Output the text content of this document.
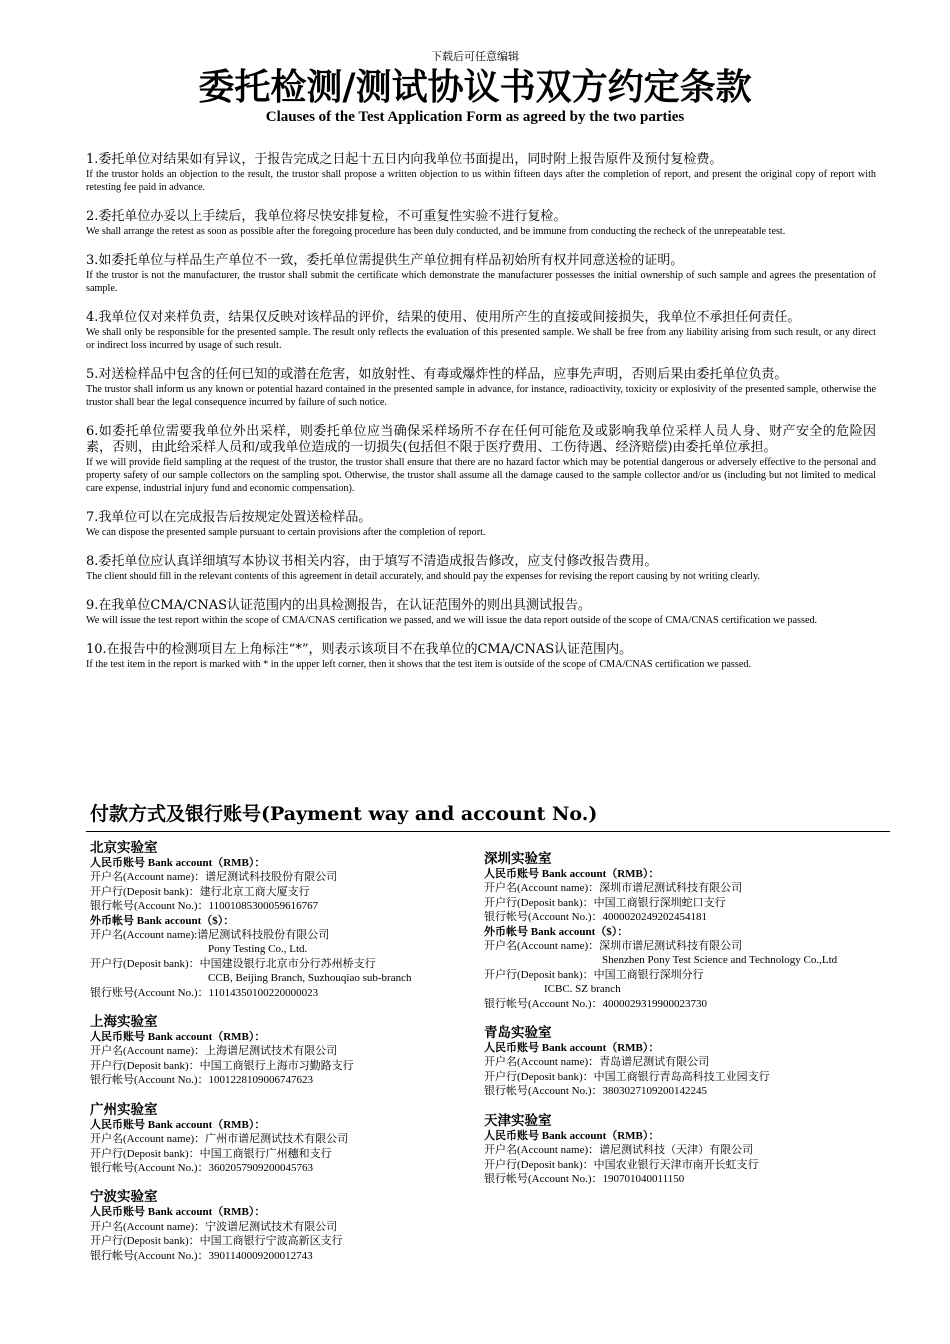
下载后可任意编辑
委托检测/测试协议书双方约定条款
Clauses of the Test Application Form as agreed by the two parties
1.委托单位对结果如有异议，于报告完成之日起十五日内向我单位书面提出，同时附上报告原件及预付复检费。
If the trustor holds an objection to the result, the trustor shall propose a written objection to us within fifteen days after the completion of report, and present the original copy of report with retesting fee paid in advance.
2.委托单位办妥以上手续后，我单位将尽快安排复检，不可重复性实验不进行复检。
We shall arrange the retest as soon as possible after the foregoing procedure has been duly conducted, and be immune from conducting the recheck of the unrepeatable test.
3.如委托单位与样品生产单位不一致，委托单位需提供生产单位拥有样品初始所有权并同意送检的证明。
If the trustor is not the manufacturer, the trustor shall submit the certificate which demonstrate the manufacturer possesses the initial ownership of such sample and agrees the presentation of sample.
4.我单位仅对来样负责，结果仅反映对该样品的评价，结果的使用、使用所产生的直接或间接损失，我单位不承担任何责任。
We shall only be responsible for the presented sample. The result only reflects the evaluation of this presented sample. We shall be free from any liability arising from such result, or any direct or indirect loss incurred by usage of such result.
5.对送检样品中包含的任何已知的或潜在危害，如放射性、有毒或爆炸性的样品，应事先声明，否则后果由委托单位负责。
The trustor shall inform us any known or potential hazard contained in the presented sample in advance, for instance, radioactivity, toxicity or explosivity of the presented sample, otherwise the trustor shall bear the legal consequence incurred by failure of such notice.
6.如委托单位需要我单位外出采样，则委托单位应当确保采样场所不存在任何可能危及或影响我单位采样人员人身、财产安全的危险因素，否则，由此给采样人员和/或我单位造成的一切损失(包括但不限于医疗费用、工伤待遇、经济赔偿)由委托单位承担。
If we will provide field sampling at the request of the trustor, the trustor shall ensure that there are no hazard factor which may be potential dangerous or adversely effective to the personal and property safety of our sample collectors on the sampling spot. Otherwise, the trustor shall assume all the damage caused to the sample collector and/or us (including but not limited to medical care expense, industrial injury fund and economic compensation).
7.我单位可以在完成报告后按规定处置送检样品。
We can dispose the presented sample pursuant to certain provisions after the completion of report.
8.委托单位应认真详细填写本协议书相关内容，由于填写不清造成报告修改，应支付修改报告费用。
The client should fill in the relevant contents of this agreement in detail accurately, and should pay the expenses for revising the report causing by not writing clearly.
9.在我单位CMA/CNAS认证范围内的出具检测报告，在认证范围外的则出具测试报告。
We will issue the test report within the scope of CMA/CNAS certification we passed, and we will issue the data report outside of the scope of CMA/CNAS certification we passed.
10.在报告中的检测项目左上角标注“*”，则表示该项目不在我单位的CMA/CNAS认证范围内。
If the test item in the report is marked with * in the upper left corner, then it shows that the test item is outside of the scope of CMA/CNAS certification we passed.
付款方式及银行账号(Payment way and account No.)
北京实验室
人民币账号 Bank account（RMB）：
开户名(Account name)：谱尼测试科技股份有限公司
开户行(Deposit bank)：建行北京工商大厦支行
银行帐号(Account No.)：11001085300059616767
外币帐号 Bank account（$）：
开户名(Account name):谱尼测试科技股份有限公司
Pony Testing Co., Ltd.
开户行(Deposit bank)：中国建设银行北京市分行苏州桥支行
CCB, Beijing Branch, Suzhouqiao sub-branch
银行账号(Account No.)：11014350100220000023
上海实验室
人民币账号 Bank account（RMB）：
开户名(Account name)：上海谱尼测试技术有限公司
开户行(Deposit bank)：中国工商银行上海市习勤路支行
银行帐号(Account No.)：1001228109006747623
广州实验室
人民币账号 Bank account（RMB）：
开户名(Account name)：广州市谱尼测试技术有限公司
开户行(Deposit bank)：中国工商银行广州穗和支行
银行帐号(Account No.)：3602057909200045763
宁波实验室
人民币账号 Bank account（RMB）：
开户名(Account name)：宁波谱尼测试技术有限公司
开户行(Deposit bank)：中国工商银行宁波高新区支行
银行帐号(Account No.)：3901140009200012743
深圳实验室
人民币账号 Bank account（RMB）：
开户名(Account name)：深圳市谱尼测试科技有限公司
开户行(Deposit bank)：中国工商银行深圳蛇口支行
银行帐号(Account No.)：4000020249202454181
外币帐号 Bank account（$）：
开户名(Account name)：深圳市谱尼测试科技有限公司
Shenzhen Pony Test Science and Technology Co.,Ltd
开户行(Deposit bank)：中国工商银行深圳分行
ICBC. SZ branch
银行帐号(Account No.)：4000029319900023730
青岛实验室
人民币账号 Bank account（RMB）：
开户名(Account name)：青岛谱尼测试有限公司
开户行(Deposit bank)：中国工商银行青岛高科技工业园支行
银行帐号(Account No.)：3803027109200142245
天津实验室
人民币账号 Bank account（RMB）：
开户名(Account name)：谱尼测试科技（天津）有限公司
开户行(Deposit bank)：中国农业银行天津市南开长虹支行
银行帐号(Account No.)：190701040011150
